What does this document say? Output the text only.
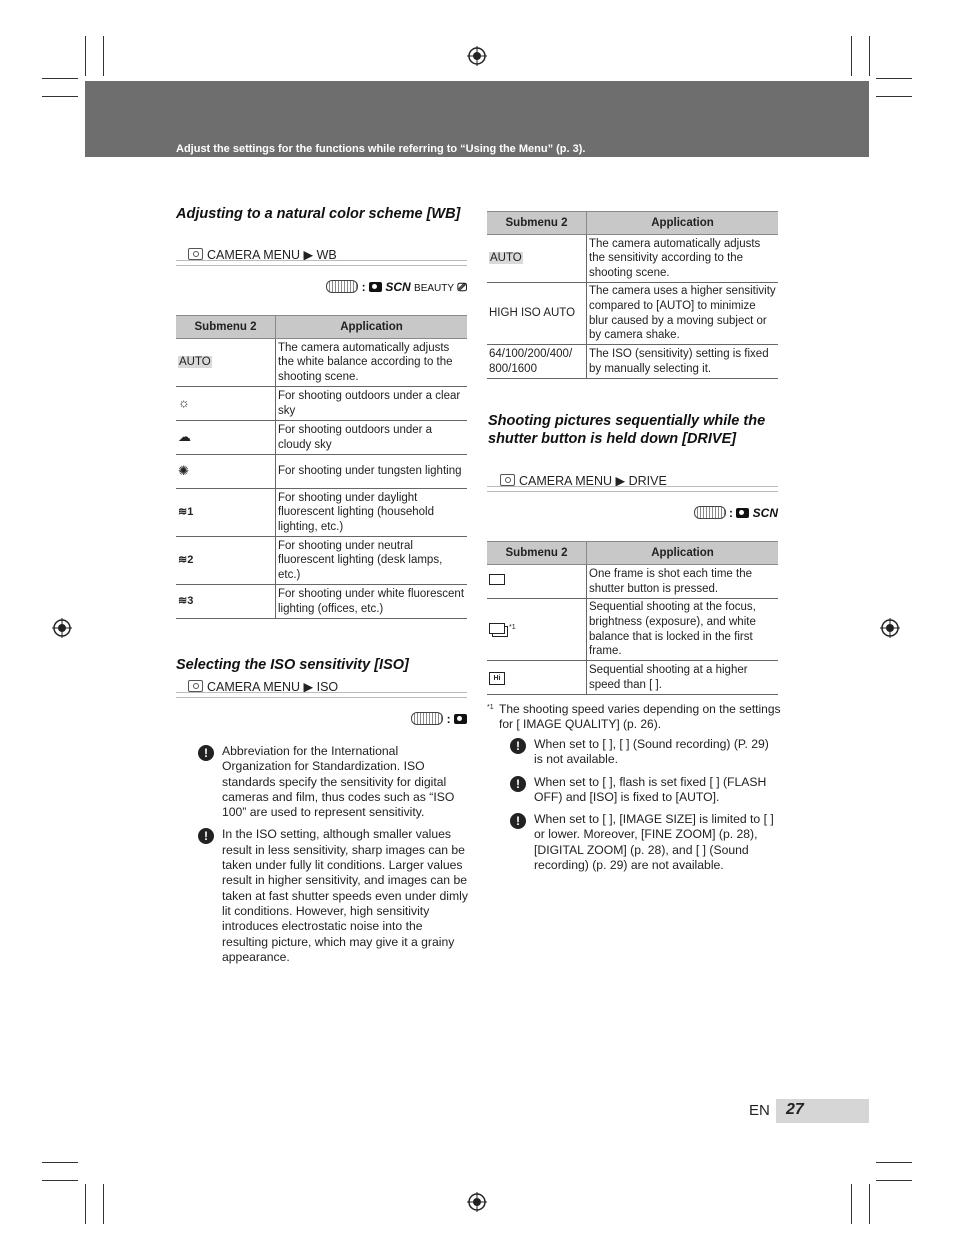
Adjust the settings for the functions while referring to “Using the Menu” (p. 3).
Adjusting to a natural color scheme [WB]
CAMERA MENU ▶ WB
: SCN BEAUTY ⎚
Submenu 2	Application
AUTO	The camera automatically adjusts the white balance according to the shooting scene.
☼	For shooting outdoors under a clear sky
☁	For shooting outdoors under a cloudy sky
✺	For shooting under tungsten lighting
≋1	For shooting under daylight fluorescent lighting (household lighting, etc.)
≋2	For shooting under neutral fluorescent lighting (desk lamps, etc.)
≋3	For shooting under white fluorescent lighting (offices, etc.)
Selecting the ISO sensitivity [ISO]
CAMERA MENU ▶ ISO
:
!	Abbreviation for the International Organization for Standardization. ISO standards specify the sensitivity for digital cameras and film, thus codes such as “ISO 100” are used to represent sensitivity.
!	In the ISO setting, although smaller values result in less sensitivity, sharp images can be taken under fully lit conditions. Larger values result in higher sensitivity, and images can be taken at fast shutter speeds even under dimly lit conditions. However, high sensitivity introduces electrostatic noise into the resulting picture, which may give it a grainy appearance.
Submenu 2	Application
AUTO	The camera automatically adjusts the sensitivity according to the shooting scene.
HIGH ISO AUTO	The camera uses a higher sensitivity compared to [AUTO] to minimize blur caused by a moving subject or by camera shake.
64/100/200/400/ 800/1600	The ISO (sensitivity) setting is fixed by manually selecting it.
Shooting pictures sequentially while the shutter button is held down [DRIVE]
CAMERA MENU ▶ DRIVE
: SCN
Submenu 2	Application
	One frame is shot each time the shutter button is pressed.
$^{*1}$	Sequential shooting at the focus, brightness (exposure), and white balance that is locked in the first frame.
Hi	Sequential shooting at a higher speed than [ ].
*1 The shooting speed varies depending on the settings for [ IMAGE QUALITY] (p. 26).
!	When set to [ ], [ ] (Sound recording) (P. 29) is not available.
!	When set to [ ], flash is set fixed [ ] (FLASH OFF) and [ISO] is fixed to [AUTO].
!	When set to [ ], [IMAGE SIZE] is limited to [ ] or lower. Moreover, [FINE ZOOM] (p. 28), [DIGITAL ZOOM] (p. 28), and [ ] (Sound recording) (p. 29) are not available.
EN 27
